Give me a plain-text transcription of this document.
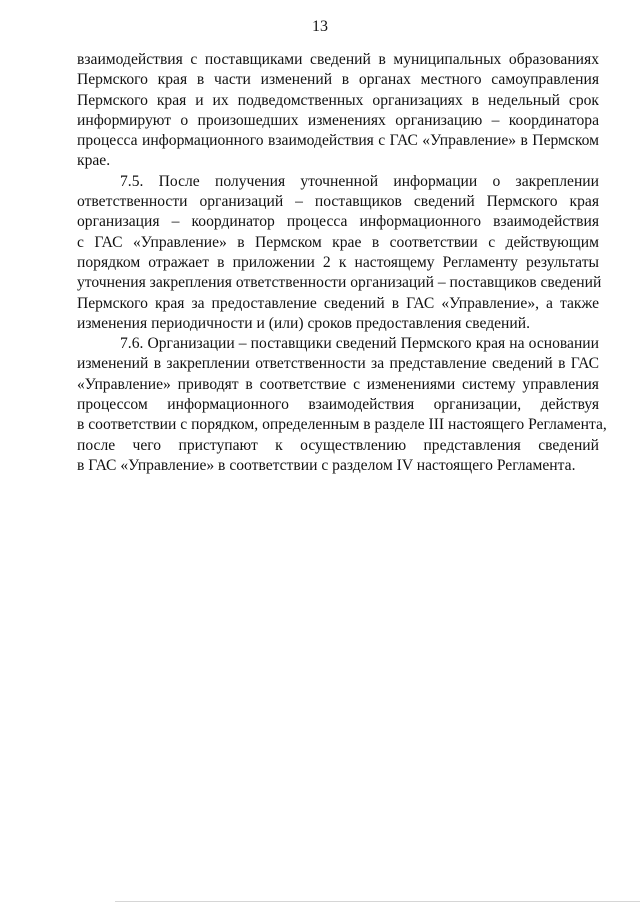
13

взаимодействия с поставщиками сведений в муниципальных образованиях
Пермского края в части изменений в органах местного самоуправления
Пермского края и их подведомственных организациях в недельный срок
информируют о произошедших изменениях организацию – координатора
процесса информационного взаимодействия с ГАС «Управление» в Пермском
крае.

7.5. После получения уточненной информации о закреплении
ответственности организаций – поставщиков сведений Пермского края
организация – координатор процесса информационного взаимодействия
с ГАС «Управление» в Пермском крае в соответствии с действующим
порядком отражает в приложении 2 к настоящему Регламенту результаты
уточнения закрепления ответственности организаций – поставщиков сведений
Пермского края за предоставление сведений в ГАС «Управление», а также
изменения периодичности и (или) сроков предоставления сведений.

7.6. Организации – поставщики сведений Пермского края на основании
изменений в закреплении ответственности за представление сведений в ГАС
«Управление» приводят в соответствие с изменениями систему управления
процессом информационного взаимодействия организации, действуя
в соответствии с порядком, определенным в разделе III настоящего Регламента,
после чего приступают к осуществлению представления сведений
в ГАС «Управление» в соответствии с разделом IV настоящего Регламента.
